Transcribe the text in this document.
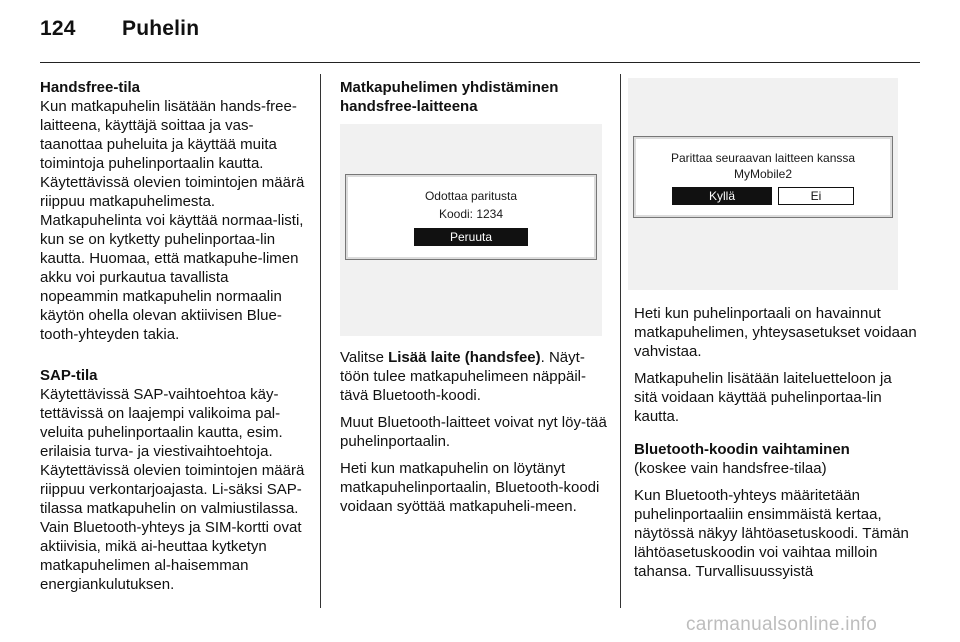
124 Puhelin
Handsfree-tila

Kun matkapuhelin lisätään hands-free-laitteena, käyttäjä soittaa ja vas-taanottaa puheluita ja käyttää muita toimintoja puhelinportaalin kautta. Käytettävissä olevien toimintojen määrä riippuu matkapuhelimesta. Matkapuhelinta voi käyttää normaa-listi, kun se on kytketty puhelinportaa-lin kautta. Huomaa, että matkapuhe-limen akku voi purkautua tavallista nopeammin matkapuhelin normaalin käytön ohella olevan aktiivisen Blue-tooth-yhteyden takia.

SAP-tila

Käytettävissä SAP-vaihtoehtoa käy-tettävissä on laajempi valikoima pal-veluita puhelinportaalin kautta, esim. erilaisia turva- ja viestivaihtoehtoja. Käytettävissä olevien toimintojen määrä riippuu verkontarjoajasta. Li-säksi SAP-tilassa matkapuhelin on valmiustilassa. Vain Bluetooth-yhteys ja SIM-kortti ovat aktiivisia, mikä ai-heuttaa kytketyn matkapuhelimen al-haisemman energiankulutuksen.

Matkapuhelimen yhdistäminen handsfree-laitteena
Odottaa paritusta
Koodi: 1234
Peruuta

Valitse Lisää laite (handsfee). Näyt-töön tulee matkapuhelimeen näppäil-tävä Bluetooth-koodi.

Muut Bluetooth-laitteet voivat nyt löy-tää puhelinportaalin.

Heti kun matkapuhelin on löytänyt matkapuhelinportaalin, Bluetooth-koodi voidaan syöttää matkapuheli-meen.

Parittaa seuraavan laitteen kanssa
MyMobile2
Kyllä	Ei

Heti kun puhelinportaali on havainnut matkapuhelimen, yhteysasetukset voidaan vahvistaa.

Matkapuhelin lisätään laiteluetteloon ja sitä voidaan käyttää puhelinportaa-lin kautta.

Bluetooth-koodin vaihtaminen

(koskee vain handsfree-tilaa)

Kun Bluetooth-yhteys määritetään puhelinportaaliin ensimmäistä kertaa, näytössä näkyy lähtöasetuskoodi. Tämän lähtöasetuskoodin voi vaihtaa milloin tahansa. Turvallisuussyistä

carmanualsonline.info
